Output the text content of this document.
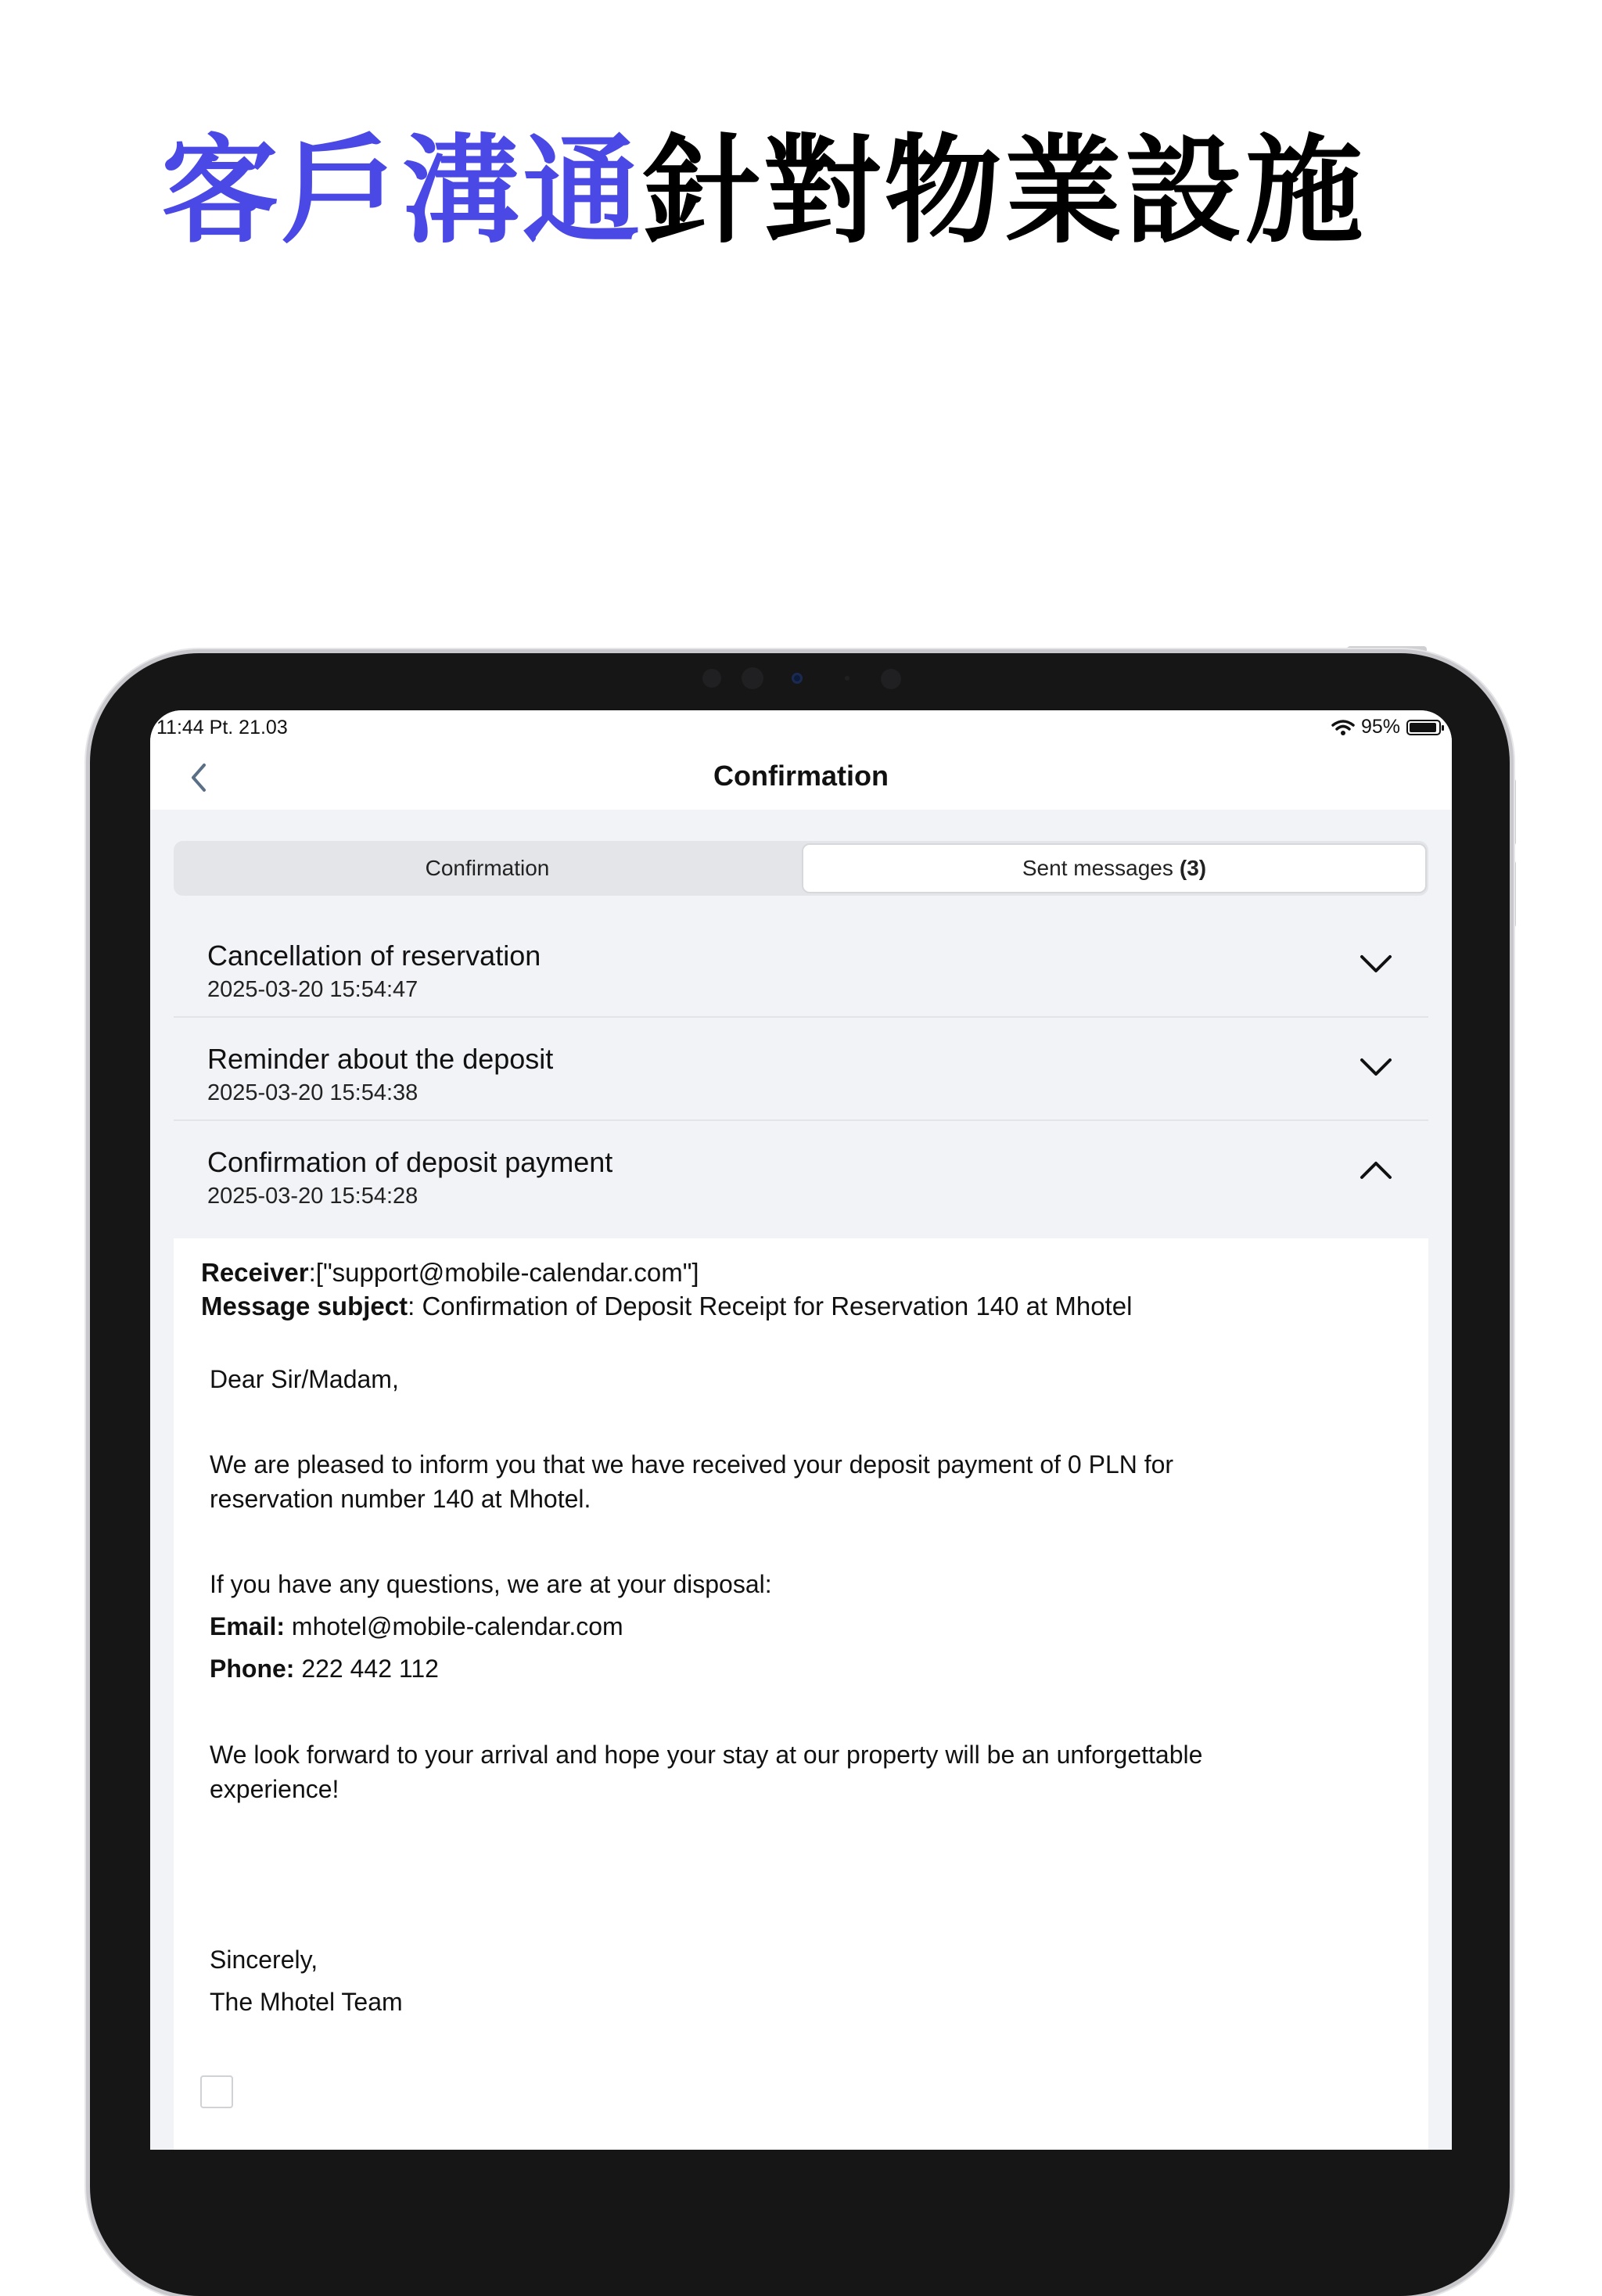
客戶溝通針對物業設施
11:44 Pt. 21.03	95%
Confirmation
Confirmation	Sent messages (3)
Cancellation of reservation
2025-03-20 15:54:47
Reminder about the deposit
2025-03-20 15:54:38
Confirmation of deposit payment
2025-03-20 15:54:28
Receiver:["support@mobile-calendar.com"]
Message subject: Confirmation of Deposit Receipt for Reservation 140 at Mhotel
Dear Sir/Madam,
We are pleased to inform you that we have received your deposit payment of 0 PLN for
reservation number 140 at Mhotel.
If you have any questions, we are at your disposal:
Email: mhotel@mobile-calendar.com
Phone: 222 442 112
We look forward to your arrival and hope your stay at our property will be an unforgettable
experience!
Sincerely,
The Mhotel Team
